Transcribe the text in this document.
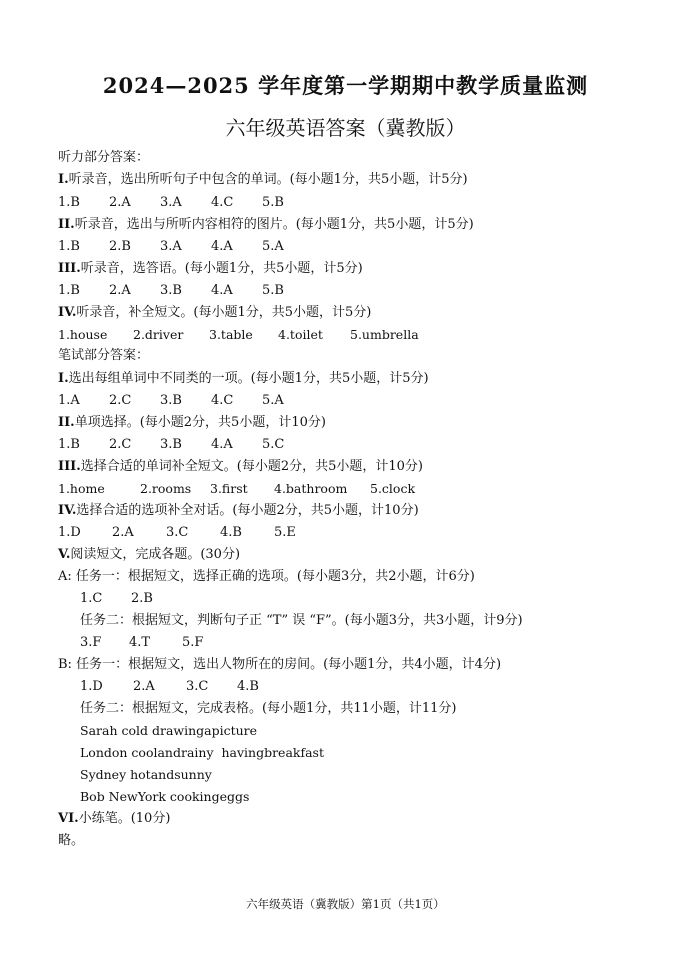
2024—2025 学年度第一学期期中教学质量监测
六年级英语答案（冀教版）
听力部分答案：
I.听录音，选出所听句子中包含的单词。(每小题1分，共5小题，计5分)
1.B 2.A 3.A 4.C 5.B
II.听录音，选出与所听内容相符的图片。(每小题1分，共5小题，计5分)
1.B 2.B 3.A 4.A 5.A
III.听录音，选答语。(每小题1分，共5小题，计5分)
1.B 2.A 3.B 4.A 5.B
IV.听录音，补全短文。(每小题1分，共5小题，计5分)
1.house 2.driver 3.table 4.toilet 5.umbrella
笔试部分答案：
I.选出每组单词中不同类的一项。(每小题1分，共5小题，计5分)
1.A 2.C 3.B 4.C 5.A
II.单项选择。(每小题2分，共5小题，计10分)
1.B 2.C 3.B 4.A 5.C
III.选择合适的单词补全短文。(每小题2分，共5小题，计10分)
1.home	2.rooms 3.first 4.bathroom 5.clock
IV.选择合适的选项补全对话。(每小题2分，共5小题，计10分)
1.D 2.A 3.C 4.B 5.E
V.阅读短文，完成各题。(30分)
A: 任务一：根据短文，选择正确的选项。(每小题3分，共2小题，计6分)
1.C 2.B
任务二：根据短文，判断句子正 “T” 误 “F”。(每小题3分，共3小题，计9分)
3.F 4.T 5.F
B: 任务一：根据短文，选出人物所在的房间。(每小题1分，共4小题，计4分)
1.D 2.A 3.C 4.B
任务二：根据短文，完成表格。(每小题1分，共11小题，计11分)
Sarah cold drawingapicture
London coolandrainy  havingbreakfast
Sydney hotandsunny
Bob NewYork cookingeggs
VI.小练笔。(10分)
略。
六年级英语（冀教版）第1页（共1页）
